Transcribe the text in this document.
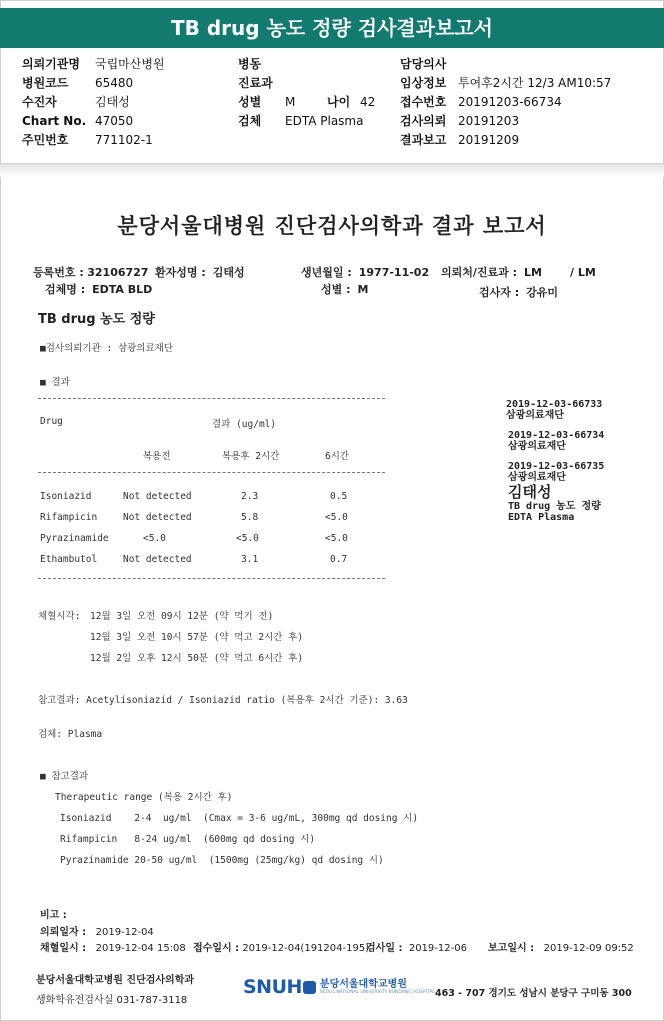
TB drug 농도 정량 검사결과보고서
의뢰기관명 국립마산병원
병원코드 65480
수진자	김태성
Chart No. 47050
주민번호 771102-1
병동
진료과
성별 M	나이 42
검체 EDTA Plasma
담당의사
임상정보 투여후2시간 12/3 AM10:57
접수번호 20191203-66734
검사의뢰 20191203
결과보고 20191209
분당서울대병원 진단검사의학과 결과 보고서
등록번호 : 32106727 환자성명 : 김태성	생년월일 : 1977-11-02 의뢰처/진료과 : LM	/ LM
검체명 : EDTA BLD	성별 : M	검사자 : 강유미
TB drug 농도 정량
■검사의뢰기관 : 삼광의료재단
■ 결과
Drug	결과 (ug/ml)
복용전	복용후 2시간	6시간
Isoniazid	Not detected	2.3	0.5
Rifampicin	Not detected	5.8	<5.0
Pyrazinamide	<5.0	<5.0	<5.0
Ethambutol	Not detected	3.1	0.7
채혈시각: 12월 3일 오전 09시 12분 (약 먹기 전)
12월 3일 오전 10시 57분 (약 먹고 2시간 후)
12월 2일 오후 12시 50분 (약 먹고 6시간 후)
참고결과: Acetylisoniazid / Isoniazid ratio (복용후 2시간 기준): 3.63
검체: Plasma
■ 참고결과
Therapeutic range (복용 2시간 후)
Isoniazid    2-4  ug/ml  (Cmax = 3-6 ug/mL, 300mg qd dosing 시)
Rifampicin   8-24 ug/ml  (600mg qd dosing 시)
Pyrazinamide 20-50 ug/ml  (1500mg (25mg/kg) qd dosing 시)
2019-12-03-66733
삼광의료재단
2019-12-03-66734
삼광의료재단
2019-12-03-66735
삼광의료재단
김태성
TB drug 농도 정량
EDTA Plasma
비고 :
의뢰일자 : 2019-12-04
채혈일시 : 2019-12-04 15:08 접수일시 : 2019-12-04(191204-195)
검사일 : 2019-12-06 보고일시 : 2019-12-09 09:52
분당서울대학교병원 진단검사의학과
생화학유전검사실 031-787-3118
SNUH 분당서울대학교병원
SEOUL NATIONAL UNIVERSITY BUNDANG HOSPITAL 463 - 707 경기도 성남시 분당구 구미동 300
